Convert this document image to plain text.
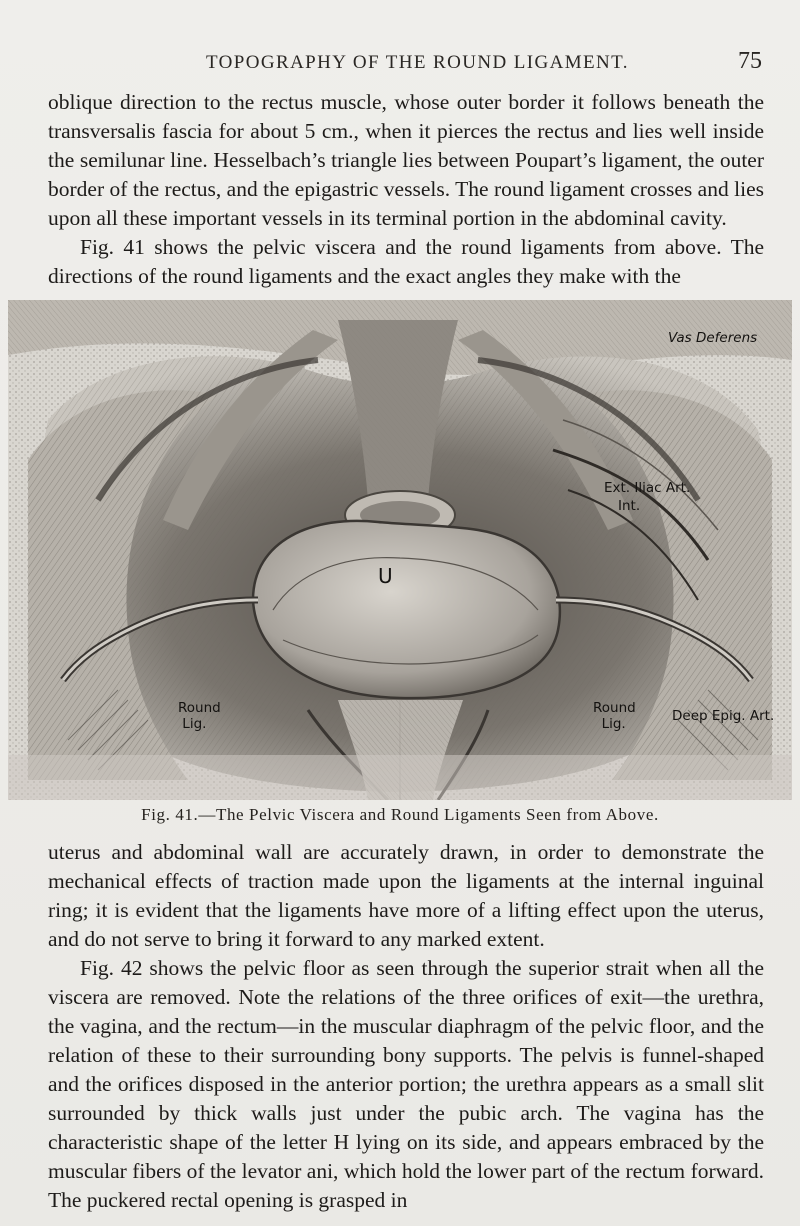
TOPOGRAPHY OF THE ROUND LIGAMENT.	75

oblique direction to the rectus muscle, whose outer border it follows beneath the transversalis fascia for about 5 cm., when it pierces the rectus and lies well inside the semilunar line. Hesselbach’s triangle lies between Poupart’s ligament, the outer border of the rectus, and the epigastric vessels. The round ligament crosses and lies upon all these important vessels in its terminal portion in the abdominal cavity.
Fig. 41 shows the pelvic viscera and the round ligaments from above. The directions of the round ligaments and the exact angles they make with the

U
Round
Lig.
Round
Lig.	Deep Epig. Art.
Ext. Iliac Art.
Int.
Vas Deferens
Fig. 41.—The Pelvic Viscera and Round Ligaments Seen from Above.

uterus and abdominal wall are accurately drawn, in order to demonstrate the mechanical effects of traction made upon the ligaments at the internal inguinal ring; it is evident that the ligaments have more of a lifting effect upon the uterus, and do not serve to bring it forward to any marked extent.
Fig. 42 shows the pelvic floor as seen through the superior strait when all the viscera are removed. Note the relations of the three orifices of exit—the urethra, the vagina, and the rectum—in the muscular diaphragm of the pelvic floor, and the relation of these to their surrounding bony supports. The pelvis is funnel-shaped and the orifices disposed in the anterior portion; the urethra appears as a small slit surrounded by thick walls just under the pubic arch. The vagina has the characteristic shape of the letter H lying on its side, and appears embraced by the muscular fibers of the levator ani, which hold the lower part of the rectum forward. The puckered rectal opening is grasped in
